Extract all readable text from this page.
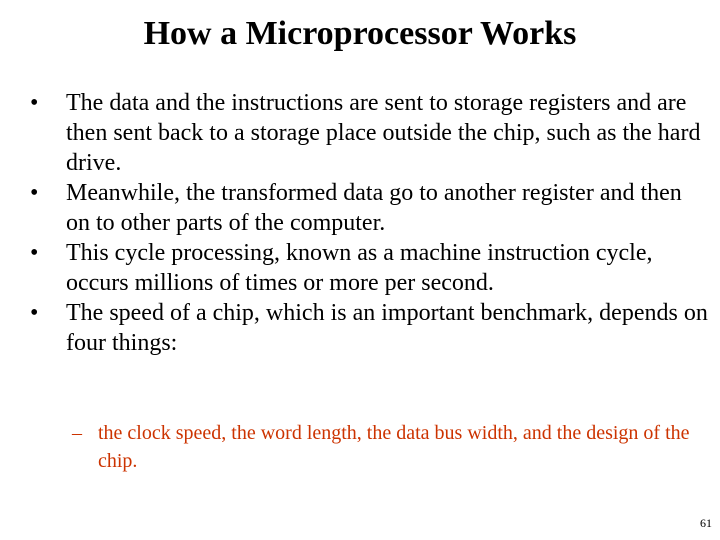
How a Microprocessor Works
•	The data and the instructions are sent to storage registers and are then sent back to a storage place outside the chip, such as the hard drive.
•	Meanwhile, the transformed data go to another register and then on to other parts of the computer.
•	This cycle processing, known as a machine instruction cycle, occurs millions of times or more per second.
•	The speed of a chip, which is an important benchmark, depends on four things:
– the clock speed, the word length, the data bus width, and the design of the chip.
61
